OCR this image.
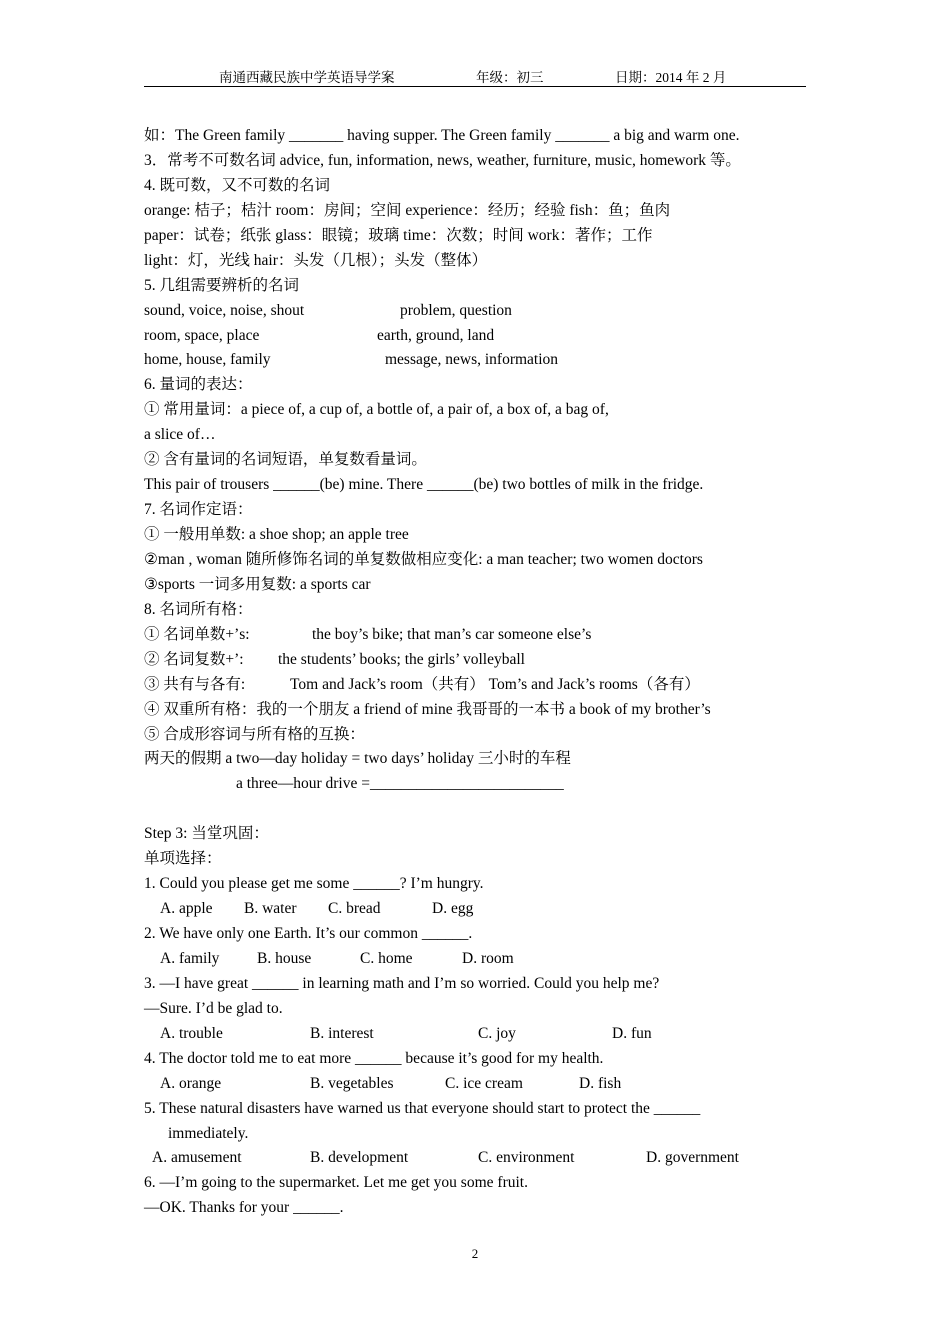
南通西藏民族中学英语导学案	年级：初三	日期：2014 年 2 月
如：The Green family _______ having supper. The Green family _______ a big and warm one.
3．常考不可数名词 advice, fun, information, news, weather, furniture, music, homework 等。
4. 既可数，又不可数的名词
orange: 桔子；桔汁 room：房间；空间 experience：经历；经验 fish：鱼；鱼肉
paper：试卷；纸张 glass：眼镜；玻璃 time：次数；时间 work：著作；工作
light：灯，光线 hair：头发（几根）；头发（整体）
5. 几组需要辨析的名词
sound, voice, noise, shout	problem, question
room, space, place	earth, ground, land
home, house, family	message, news, information
6. 量词的表达：
① 常用量词：a piece of, a cup of, a bottle of, a pair of, a box of, a bag of,
a slice of…
② 含有量词的名词短语，单复数看量词。
This pair of trousers ______(be) mine. There ______(be) two bottles of milk in the fridge.
7. 名词作定语：
① 一般用单数: a shoe shop; an apple tree
②man , woman 随所修饰名词的单复数做相应变化: a man teacher; two women doctors
③sports 一词多用复数: a sports car
8. 名词所有格：
① 名词单数+’s:	the boy’s bike; that man’s car someone else’s
② 名词复数+’: the students’ books; the girls’ volleyball
③ 共有与各有:	Tom and Jack’s room（共有） Tom’s and Jack’s rooms（各有）
④ 双重所有格：我的一个朋友 a friend of mine 我哥哥的一本书 a book of my brother’s
⑤ 合成形容词与所有格的互换：
两天的假期 a two—day holiday = two days’ holiday 三小时的车程
a three—hour drive =_________________________
Step 3: 当堂巩固：
单项选择：
1. Could you please get me some ______? I’m hungry.
A. apple B. water C. bread	D. egg
2. We have only one Earth. It’s our common ______.
A. family B. house	C. home	D. room
3. —I have great ______ in learning math and I’m so worried. Could you help me?
—Sure. I’d be glad to.
A. trouble	B. interest	C. joy	D. fun
4. The doctor told me to eat more ______ because it’s good for my health.
A. orange	B. vegetables	C. ice cream	D. fish
5. These natural disasters have warned us that everyone should start to protect the ______
immediately.
A. amusement	B. development	C. environment	D. government
6. —I’m going to the supermarket. Let me get you some fruit.
—OK. Thanks for your ______.
2
